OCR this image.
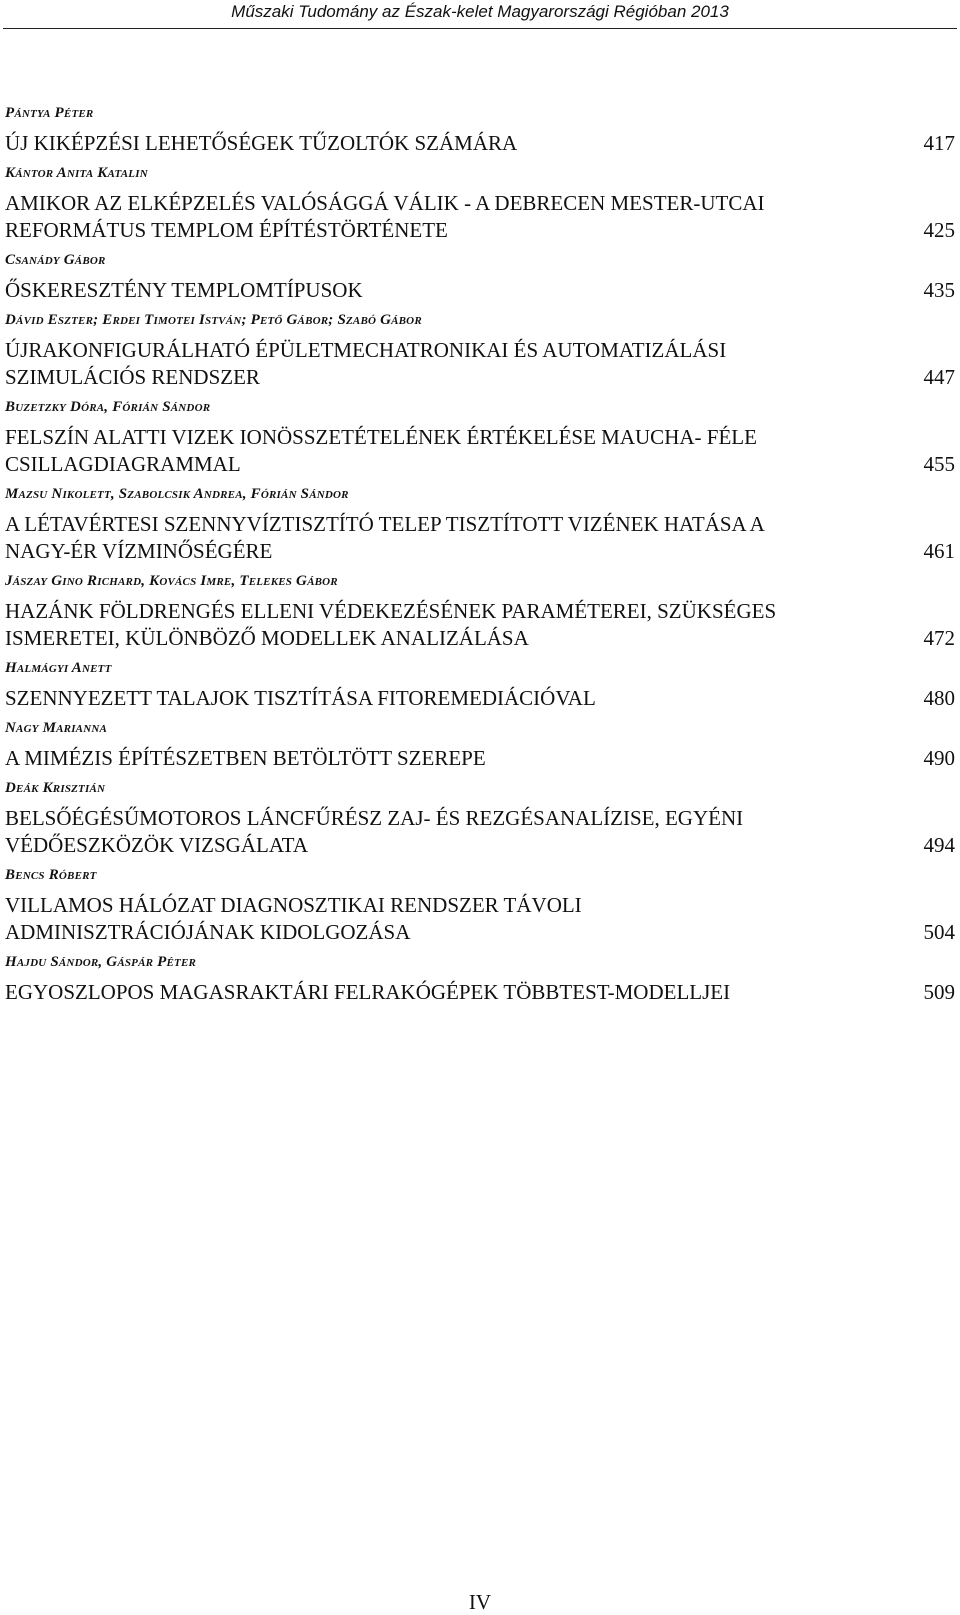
Műszaki Tudomány az Észak-kelet Magyarországi Régióban 2013
Pántya Péter
ÚJ KIKÉPZÉSI LEHETŐSÉGEK TŰZOLTÓK SZÁMÁRA	417
Kántor Anita Katalin
AMIKOR AZ ELKÉPZELÉS VALÓSÁGGÁ VÁLIK - A DEBRECEN MESTER-UTCAI
REFORMÁTUS TEMPLOM ÉPÍTÉSTÖRTÉNETE	425
Csanády Gábor
ŐSKERESZTÉNY TEMPLOMTÍPUSOK	435
Dávid Eszter; Erdei Timotei István; Pető Gábor; Szabó Gábor
ÚJRAKONFIGURÁLHATÓ ÉPÜLETMECHATRONIKAI ÉS AUTOMATIZÁLÁSI
SZIMULÁCIÓS RENDSZER	447
Buzetzky Dóra, Fórián Sándor
FELSZÍN ALATTI VIZEK IONÖSSZETÉTELÉNEK ÉRTÉKELÉSE MAUCHA- FÉLE
CSILLAGDIAGRAMMAL	455
Mazsu Nikolett, Szabolcsik Andrea, Fórián Sándor
A LÉTAVÉRTESI SZENNYVÍZTISZTÍTÓ TELEP TISZTÍTOTT VIZÉNEK HATÁSA A
NAGY-ÉR VÍZMINŐSÉGÉRE	461
Jászay Gino Richard, Kovács Imre, Telekes Gábor
HAZÁNK FÖLDRENGÉS ELLENI VÉDEKEZÉSÉNEK PARAMÉTEREI, SZÜKSÉGES
ISMERETEI, KÜLÖNBÖZŐ MODELLEK ANALIZÁLÁSA	472
Halmágyi Anett
SZENNYEZETT TALAJOK TISZTÍTÁSA FITOREMEDIÁCIÓVAL	480
Nagy Marianna
A MIMÉZIS ÉPÍTÉSZETBEN BETÖLTÖTT SZEREPE	490
Deák Krisztián
BELSŐÉGÉSŰMOTOROS LÁNCFŰRÉSZ ZAJ- ÉS REZGÉSANALÍZISE, EGYÉNI
VÉDŐESZKÖZÖK VIZSGÁLATA	494
Bencs Róbert
VILLAMOS HÁLÓZAT DIAGNOSZTIKAI RENDSZER TÁVOLI
ADMINISZTRÁCIÓJÁNAK KIDOLGOZÁSA	504
Hajdu Sándor, Gáspár Péter
EGYOSZLOPOS MAGASRAKTÁRI FELRAKÓGÉPEK TÖBBTEST-MODELLJEI	509
IV
